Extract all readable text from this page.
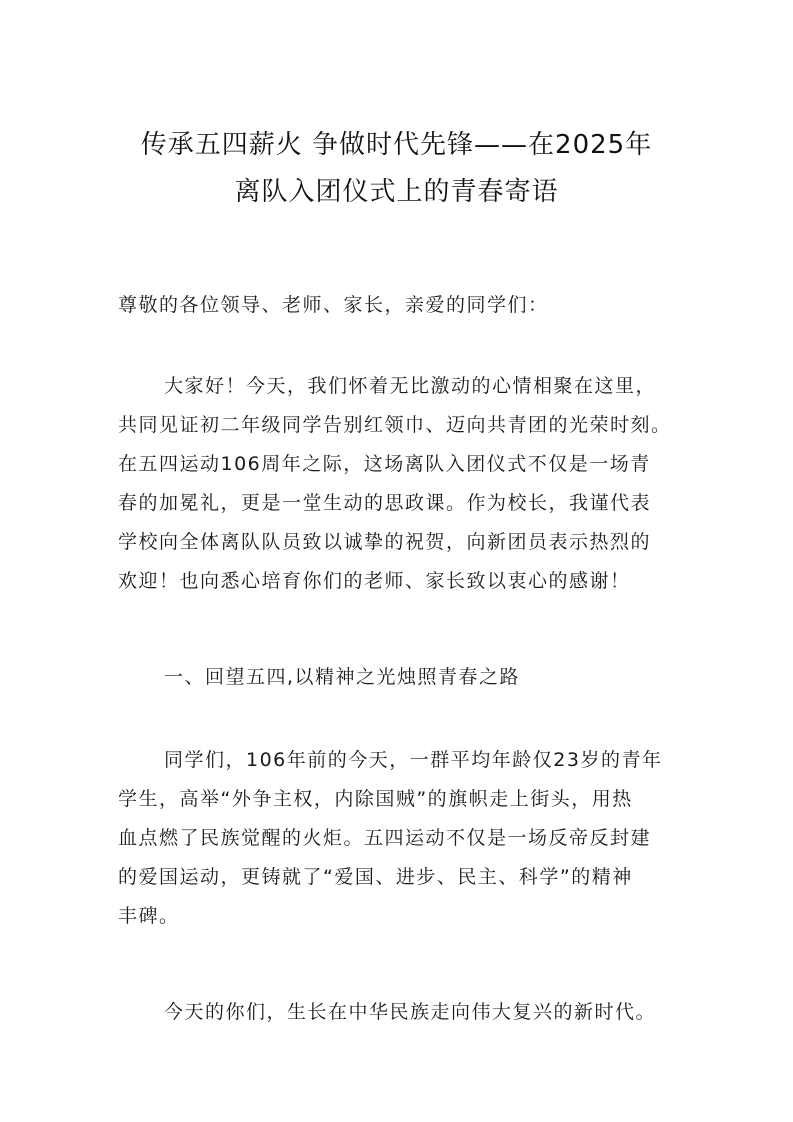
传承五四薪火 争做时代先锋——在2025年
离队入团仪式上的青春寄语

尊敬的各位领导、老师、家长，亲爱的同学们：

大家好！今天，我们怀着无比激动的心情相聚在这里，
共同见证初二年级同学告别红领巾、迈向共青团的光荣时刻。
在五四运动106周年之际，这场离队入团仪式不仅是一场青
春的加冕礼，更是一堂生动的思政课。作为校长，我谨代表
学校向全体离队队员致以诚挚的祝贺，向新团员表示热烈的
欢迎！也向悉心培育你们的老师、家长致以衷心的感谢！

一、回望五四,以精神之光烛照青春之路

同学们，106年前的今天，一群平均年龄仅23岁的青年
学生，高举“外争主权，内除国贼”的旗帜走上街头，用热
血点燃了民族觉醒的火炬。五四运动不仅是一场反帝反封建
的爱国运动，更铸就了“爱国、进步、民主、科学”的精神
丰碑。

今天的你们，生长在中华民族走向伟大复兴的新时代。
